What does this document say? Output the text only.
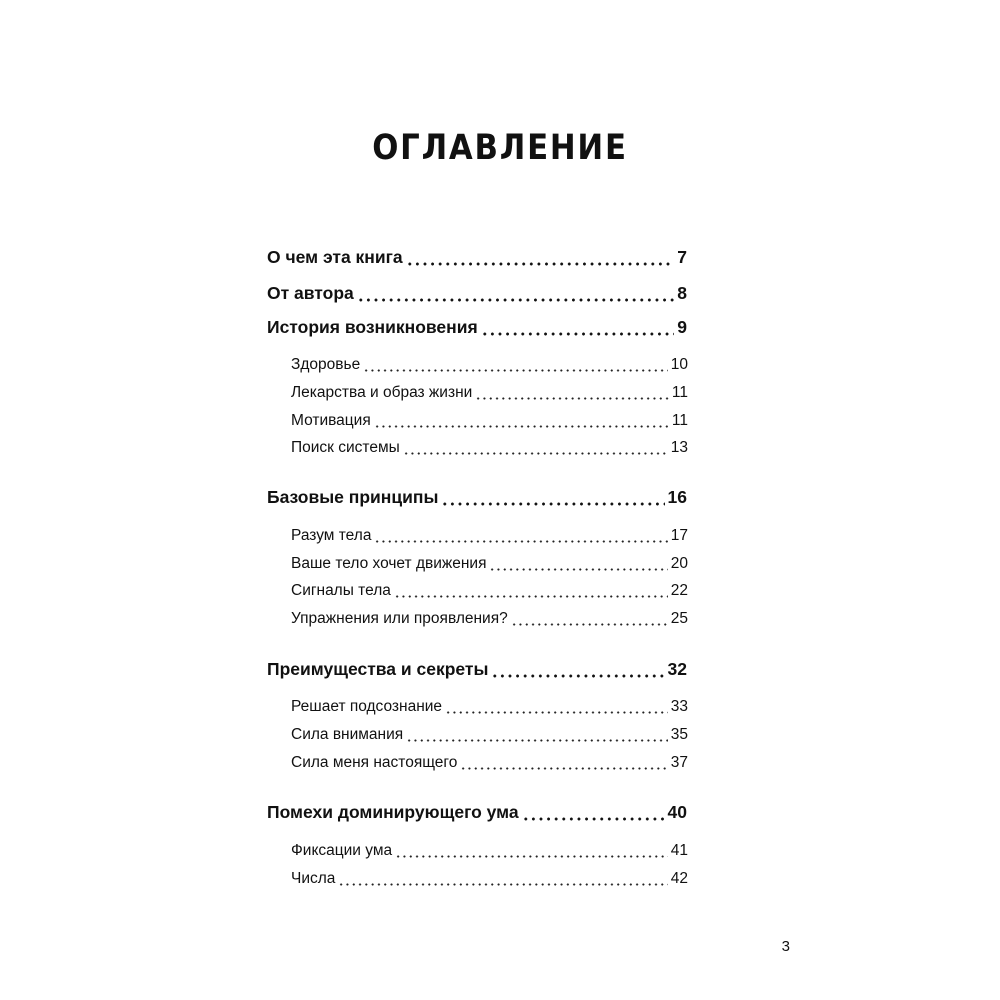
ОГЛАВЛЕНИЕ
О чем эта книга	7
От автора	8
История возникновения	9
Здоровье	10
Лекарства и образ жизни	11
Мотивация	11
Поиск системы	13
Базовые принципы	16
Разум тела	17
Ваше тело хочет движения	20
Сигналы тела	22
Упражнения или проявления?	25
Преимущества и секреты	32
Решает подсознание	33
Сила внимания	35
Сила меня настоящего	37
Помехи доминирующего ума	40
Фиксации ума	41
Числа	42
3
